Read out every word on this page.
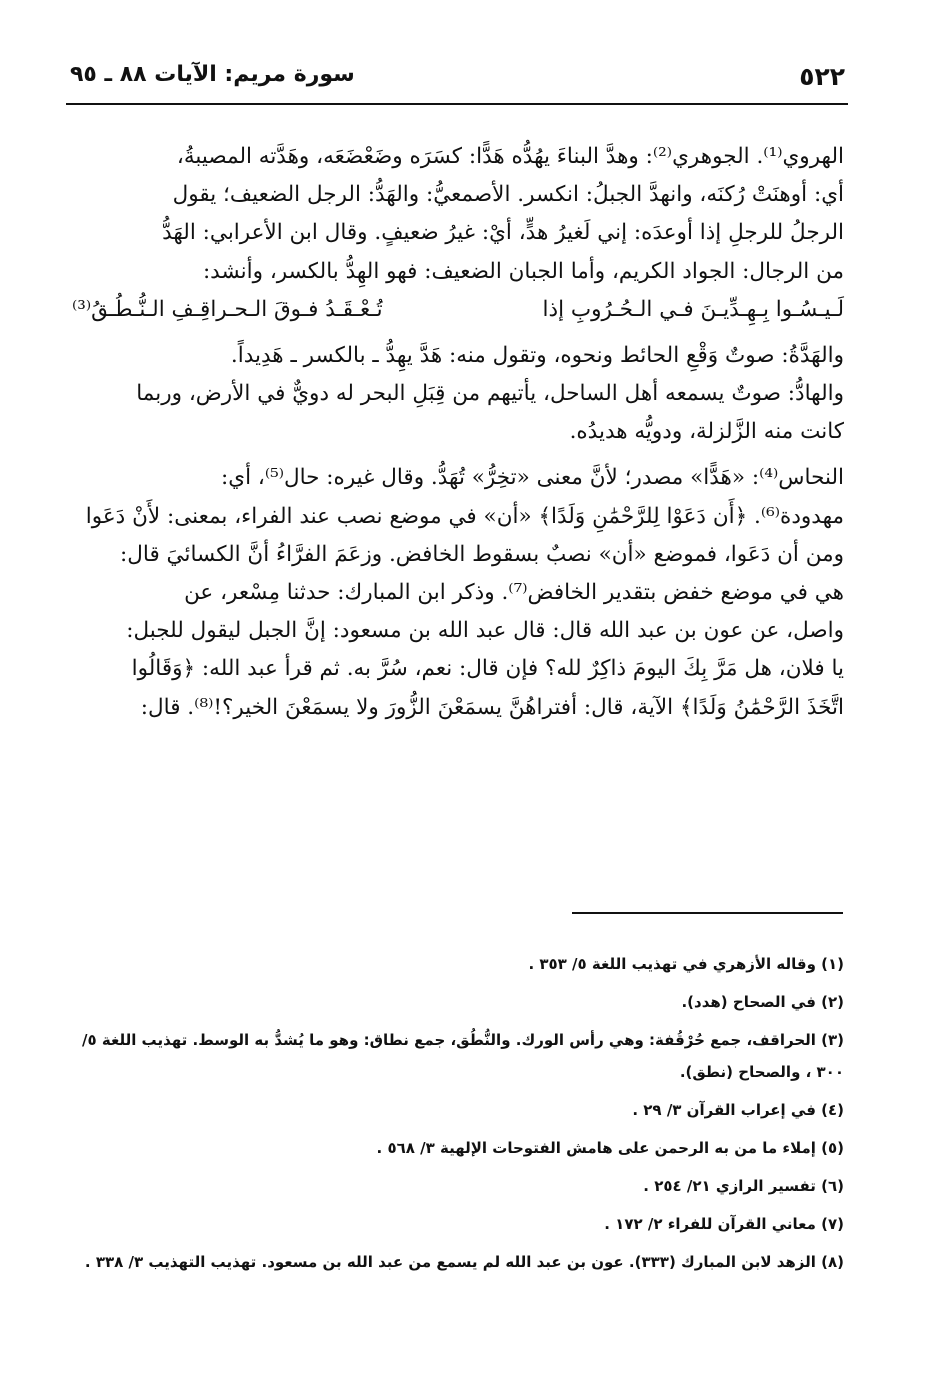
٥٢٢
سورة مريم: الآيات ٨٨ ـ ٩٥

الهروي⁽¹⁾. الجوهري⁽²⁾: وهدَّ البناءَ يهُدُّه هَدًّا: كسَرَه وضَعْضَعَه، وهَدَّته المصيبةُ،

أي: أوهنَتْ رُكنَه، وانهدَّ الجبلُ: انكسر. الأصمعيُّ: والهَدُّ: الرجل الضعيف؛ يقول

الرجلُ للرجلِ إذا أوعدَه: إني لَغيرُ هدٍّ، أيْ: غيرُ ضعيفٍ. وقال ابن الأعرابي: الهَدُّ

من الرجال: الجواد الكريم، وأما الجبان الضعيف: فهو الهِدُّ بالكسر، وأنشد:

لَـيـسُـوا بِـهِـدِّيـنَ فـي الـحُـرُوبِ إذا
تُـعْـقَـدُ فـوقَ الـحـراقِـفِ الـنُّـطُـقُ⁽³⁾

والهَدَّةُ: صوتٌ وَقْعِ الحائط ونحوه، وتقول منه: هَدَّ يهِدُّ ـ بالكسر ـ هَدِيداً.

والهادُّ: صوتٌ يسمعه أهل الساحل، يأتيهم من قِبَلِ البحر له دويٌّ في الأرض، وربما

كانت منه الزَّلزلة، ودويُّه هديدُه.

النحاس⁽⁴⁾: «هَدًّا» مصدر؛ لأنَّ معنى «تخِرُّ» تُهَدُّ. وقال غيره: حال⁽⁵⁾، أي:

مهدودة⁽⁶⁾. ﴿أَن دَعَوْا لِلرَّحْمَٰنِ وَلَدًا﴾ «أن» في موضع نصب عند الفراء، بمعنى: لأَنْ دَعَوا

ومن أن دَعَوا، فموضع «أن» نصبٌ بسقوط الخافض. وزعَمَ الفرَّاءُ أنَّ الكسائيَ قال:

هي في موضع خفض بتقدير الخافض⁽⁷⁾. وذكر ابن المبارك: حدثنا مِسْعر، عن

واصل، عن عون بن عبد الله قال: قال عبد الله بن مسعود: إنَّ الجبل ليقول للجبل:

يا فلان، هل مَرَّ بِكَ اليومَ ذاكِرٌ لله؟ فإن قال: نعم، سُرَّ به. ثم قرأ عبد الله: ﴿وَقَالُوا

اتَّخَذَ الرَّحْمَٰنُ وَلَدًا﴾ الآية، قال: أفتراهُنَّ يسمَعْنَ الزُّورَ ولا يسمَعْنَ الخير؟!⁽⁸⁾. قال:

(١) وقاله الأزهري في تهذيب اللغة ٥/ ٣٥٣ .

(٢) في الصحاح (هدد).

(٣) الحراقف، جمع حُرْقُفة: وهي رأس الورك. والنُّطُق، جمع نطاق: وهو ما يُشدُّ به الوسط. تهذيب اللغة ٥/ ٣٠٠ ، والصحاح (نطق).

(٤) في إعراب القرآن ٣/ ٢٩ .

(٥) إملاء ما من به الرحمن على هامش الفتوحات الإلهية ٣/ ٥٦٨ .

(٦) تفسير الرازي ٢١/ ٢٥٤ .

(٧) معاني القرآن للفراء ٢/ ١٧٢ .

(٨) الزهد لابن المبارك (٣٣٣). عون بن عبد الله لم يسمع من عبد الله بن مسعود. تهذيب التهذيب ٣/ ٣٣٨ .
